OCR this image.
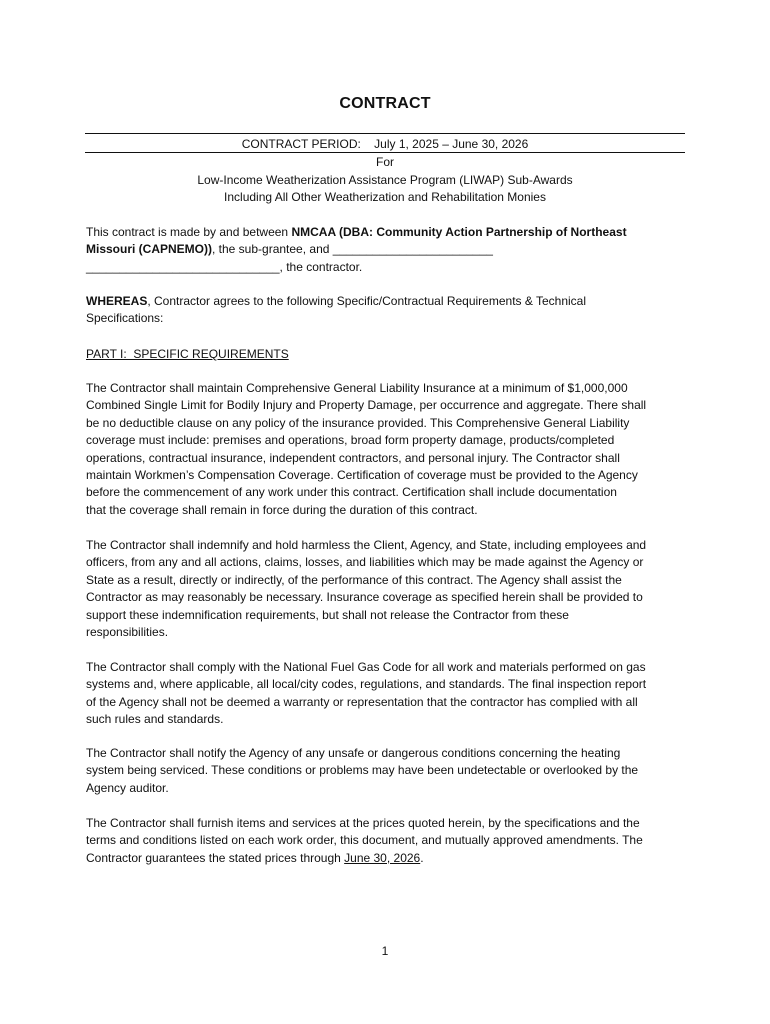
CONTRACT
CONTRACT PERIOD:    July 1, 2025 – June 30, 2026
For
Low-Income Weatherization Assistance Program (LIWAP) Sub-Awards
Including All Other Weatherization and Rehabilitation Monies
This contract is made by and between NMCAA (DBA: Community Action Partnership of Northeast
Missouri (CAPNEMO)), the sub-grantee, and ________________________
_____________________________, the contractor.
WHEREAS, Contractor agrees to the following Specific/Contractual Requirements & Technical
Specifications:
PART I:  SPECIFIC REQUIREMENTS
The Contractor shall maintain Comprehensive General Liability Insurance at a minimum of $1,000,000
Combined Single Limit for Bodily Injury and Property Damage, per occurrence and aggregate. There shall
be no deductible clause on any policy of the insurance provided. This Comprehensive General Liability
coverage must include: premises and operations, broad form property damage, products/completed
operations, contractual insurance, independent contractors, and personal injury. The Contractor shall
maintain Workmen’s Compensation Coverage. Certification of coverage must be provided to the Agency
before the commencement of any work under this contract. Certification shall include documentation
that the coverage shall remain in force during the duration of this contract.
The Contractor shall indemnify and hold harmless the Client, Agency, and State, including employees and
officers, from any and all actions, claims, losses, and liabilities which may be made against the Agency or
State as a result, directly or indirectly, of the performance of this contract. The Agency shall assist the
Contractor as may reasonably be necessary. Insurance coverage as specified herein shall be provided to
support these indemnification requirements, but shall not release the Contractor from these
responsibilities.
The Contractor shall comply with the National Fuel Gas Code for all work and materials performed on gas
systems and, where applicable, all local/city codes, regulations, and standards. The final inspection report
of the Agency shall not be deemed a warranty or representation that the contractor has complied with all
such rules and standards.
The Contractor shall notify the Agency of any unsafe or dangerous conditions concerning the heating
system being serviced. These conditions or problems may have been undetectable or overlooked by the
Agency auditor.
The Contractor shall furnish items and services at the prices quoted herein, by the specifications and the
terms and conditions listed on each work order, this document, and mutually approved amendments. The
Contractor guarantees the stated prices through June 30, 2026.
1
